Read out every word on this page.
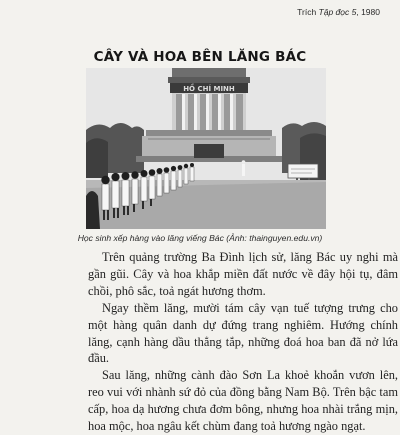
Trích Tập đọc 5, 1980
CÂY VÀ HOA BÊN LĂNG BÁC
HỒ CHÍ MINH
Học sinh xếp hàng vào lăng viếng Bác (Ảnh: thainguyen.edu.vn)

Trên quảng trường Ba Đình lịch sử, lăng Bác uy nghi mà gần gũi. Cây và hoa khắp miền đất nước về đây hội tụ, đâm chồi, phô sắc, toả ngát hương thơm.

Ngay thềm lăng, mười tám cây vạn tuế tượng trưng cho một hàng quân danh dự đứng trang nghiêm. Hướng chính lăng, cạnh hàng dầu thẳng tắp, những đoá hoa ban đã nở lứa đầu.

Sau lăng, những cành đào Sơn La khoẻ khoắn vươn lên, reo vui với nhành sứ đỏ của đồng bằng Nam Bộ. Trên bậc tam cấp, hoa dạ hương chưa đơm bông, nhưng hoa nhài trắng mịn, hoa mộc, hoa ngâu kết chùm đang toả hương ngào ngạt.
